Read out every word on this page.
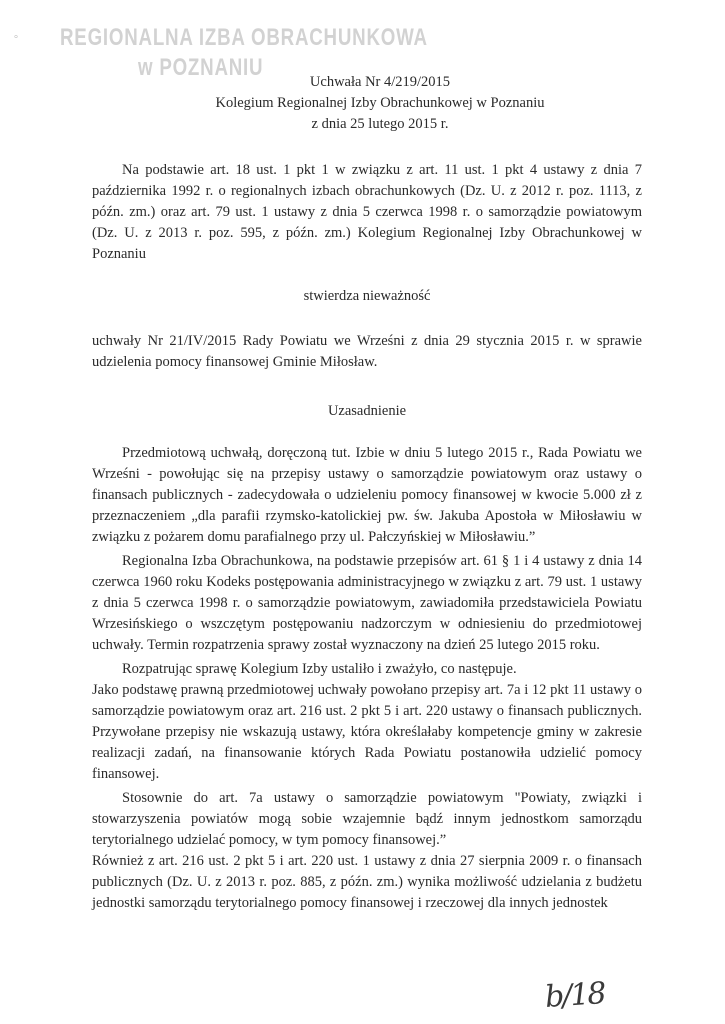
° REGIONALNA IZBA OBRACHUNKOWA
w POZNANIU
Uchwała Nr 4/219/2015
Kolegium Regionalnej Izby Obrachunkowej w Poznaniu
z dnia 25 lutego 2015 r.

Na podstawie art. 18 ust. 1 pkt 1 w związku z art. 11 ust. 1 pkt 4 ustawy z dnia 7 października 1992 r. o regionalnych izbach obrachunkowych (Dz. U. z 2012 r. poz. 1113, z późn. zm.) oraz art. 79 ust. 1 ustawy z dnia 5 czerwca 1998 r. o samorządzie powiatowym (Dz. U. z 2013 r. poz. 595, z późn. zm.) Kolegium Regionalnej Izby Obrachunkowej w Poznaniu

stwierdza nieważność

uchwały Nr 21/IV/2015 Rady Powiatu we Wrześni z dnia 29 stycznia 2015 r. w sprawie udzielenia pomocy finansowej Gminie Miłosław.

Uzasadnienie

Przedmiotową uchwałą, doręczoną tut. Izbie w dniu 5 lutego 2015 r., Rada Powiatu we Wrześni - powołując się na przepisy ustawy o samorządzie powiatowym oraz ustawy o finansach publicznych - zadecydowała o udzieleniu pomocy finansowej w kwocie 5.000 zł z przeznaczeniem „dla parafii rzymsko-katolickiej pw. św. Jakuba Apostoła w Miłosławiu w związku z pożarem domu parafialnego przy ul. Pałczyńskiej w Miłosławiu.”

Regionalna Izba Obrachunkowa, na podstawie przepisów art. 61 § 1 i 4 ustawy z dnia 14 czerwca 1960 roku Kodeks postępowania administracyjnego w związku z art. 79 ust. 1 ustawy z dnia 5 czerwca 1998 r. o samorządzie powiatowym, zawiadomiła przedstawiciela Powiatu Wrzesińskiego o wszczętym postępowaniu nadzorczym w odniesieniu do przedmiotowej uchwały. Termin rozpatrzenia sprawy został wyznaczony na dzień 25 lutego 2015 roku.

Rozpatrując sprawę Kolegium Izby ustaliło i zważyło, co następuje.

Jako podstawę prawną przedmiotowej uchwały powołano przepisy art. 7a i 12 pkt 11 ustawy o samorządzie powiatowym oraz art. 216 ust. 2 pkt 5 i art. 220 ustawy o finansach publicznych. Przywołane przepisy nie wskazują ustawy, która określałaby kompetencje gminy w zakresie realizacji zadań, na finansowanie których Rada Powiatu postanowiła udzielić pomocy finansowej.

Stosownie do art. 7a ustawy o samorządzie powiatowym "Powiaty, związki i stowarzyszenia powiatów mogą sobie wzajemnie bądź innym jednostkom samorządu terytorialnego udzielać pomocy, w tym pomocy finansowej.”

Również z art. 216 ust. 2 pkt 5 i art. 220 ust. 1 ustawy z dnia 27 sierpnia 2009 r. o finansach publicznych (Dz. U. z 2013 r. poz. 885, z późn. zm.) wynika możliwość udzielania z budżetu jednostki samorządu terytorialnego pomocy finansowej i rzeczowej dla innych jednostek

b/18
